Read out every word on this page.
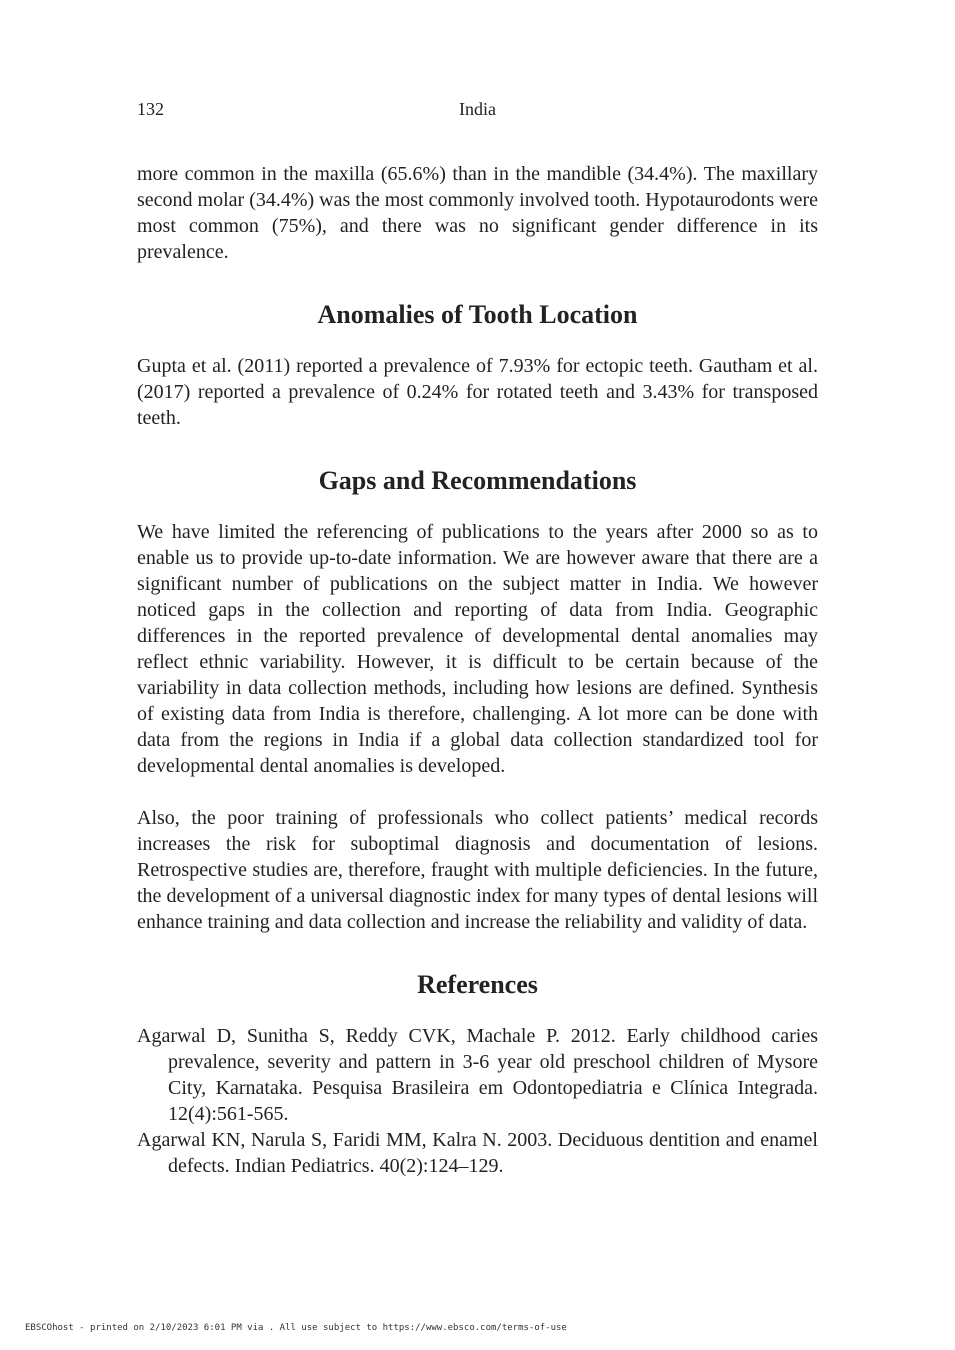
132	India

more common in the maxilla (65.6%) than in the mandible (34.4%). The maxillary second molar (34.4%) was the most commonly involved tooth. Hypotaurodonts were most common (75%), and there was no significant gender difference in its prevalence.

Anomalies of Tooth Location

Gupta et al. (2011) reported a prevalence of 7.93% for ectopic teeth. Gautham et al. (2017) reported a prevalence of 0.24% for rotated teeth and 3.43% for transposed teeth.

Gaps and Recommendations

We have limited the referencing of publications to the years after 2000 so as to enable us to provide up-to-date information. We are however aware that there are a significant number of publications on the subject matter in India. We however noticed gaps in the collection and reporting of data from India. Geographic differences in the reported prevalence of developmental dental anomalies may reflect ethnic variability. However, it is difficult to be certain because of the variability in data collection methods, including how lesions are defined. Synthesis of existing data from India is therefore, challenging. A lot more can be done with data from the regions in India if a global data collection standardized tool for developmental dental anomalies is developed.

Also, the poor training of professionals who collect patients’ medical records increases the risk for suboptimal diagnosis and documentation of lesions. Retrospective studies are, therefore, fraught with multiple deficiencies. In the future, the development of a universal diagnostic index for many types of dental lesions will enhance training and data collection and increase the reliability and validity of data.

References
Agarwal D, Sunitha S, Reddy CVK, Machale P. 2012. Early childhood caries prevalence, severity and pattern in 3-6 year old preschool children of Mysore City, Karnataka. Pesquisa Brasileira em Odontopediatria e Clínica Integrada. 12(4):561-565.
Agarwal KN, Narula S, Faridi MM, Kalra N. 2003. Deciduous dentition and enamel defects. Indian Pediatrics. 40(2):124–129.
EBSCOhost - printed on 2/10/2023 6:01 PM via . All use subject to https://www.ebsco.com/terms-of-use
